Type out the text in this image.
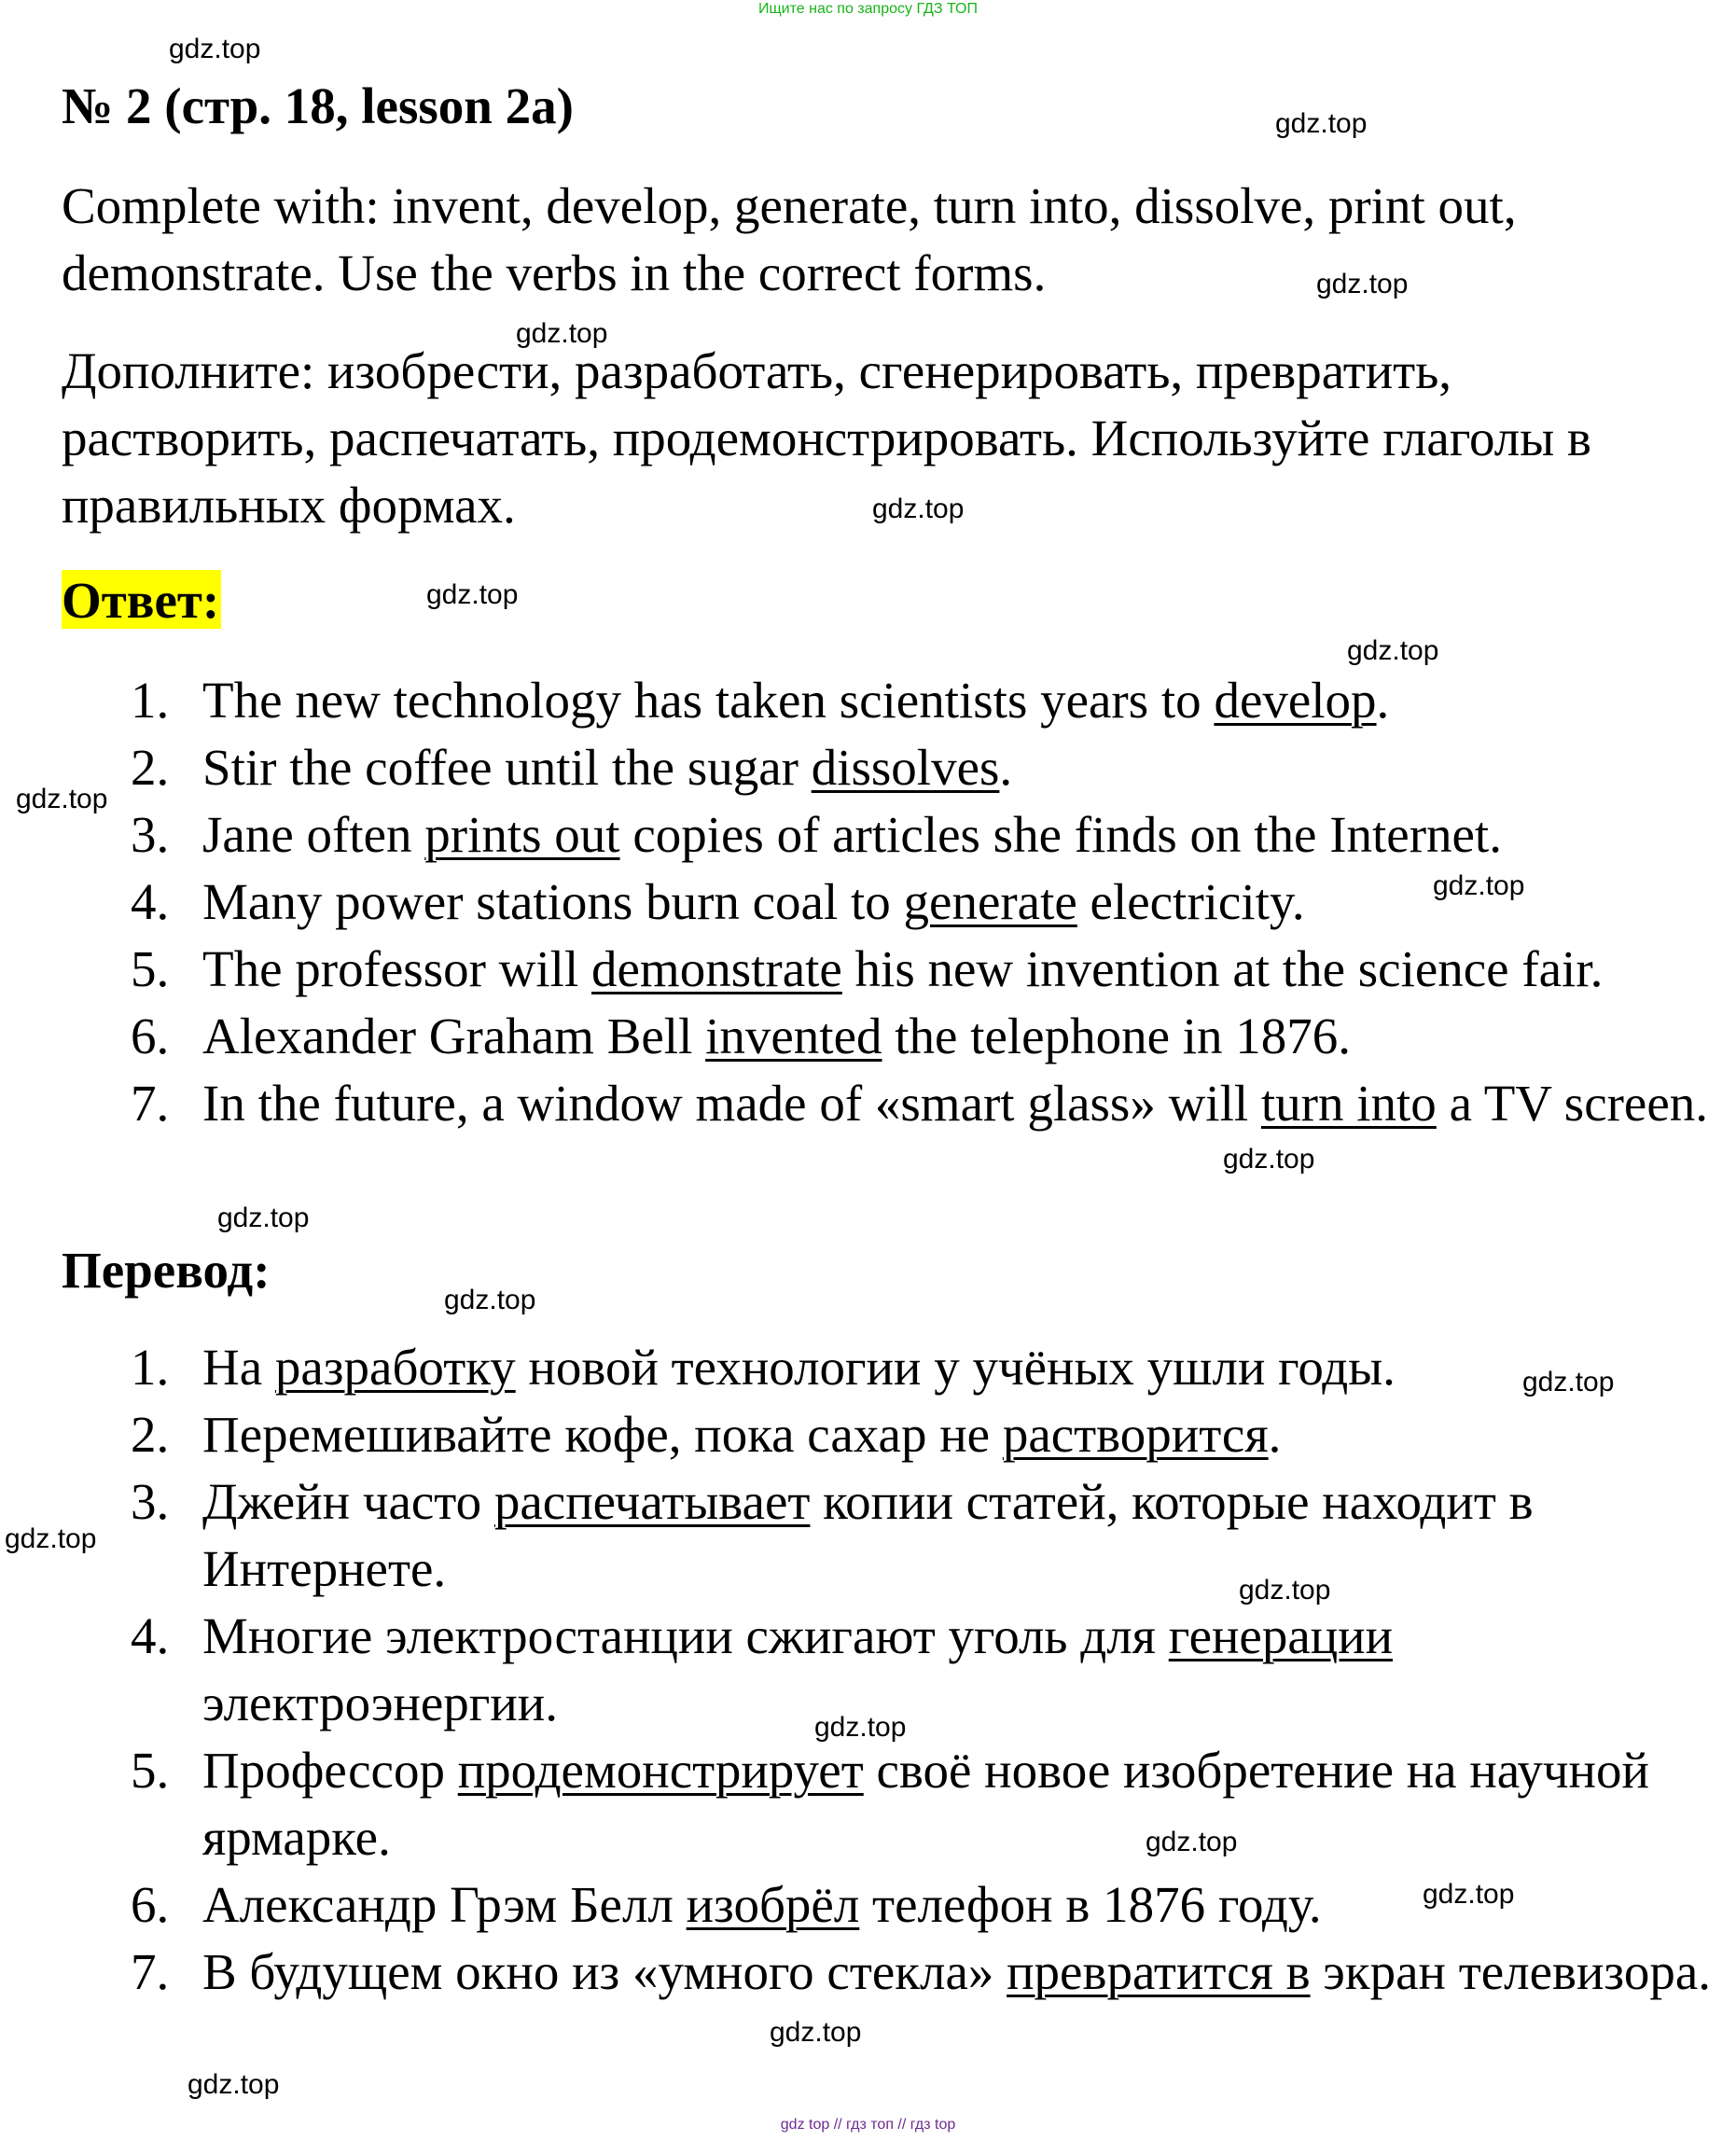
Ищите нас по запросу ГДЗ ТОП
№ 2 (стр. 18, lesson 2a)

Complete with: invent, develop, generate, turn into, dissolve, print out, demonstrate. Use the verbs in the correct forms.

Дополните: изобрести, разработать, сгенерировать, превратить, растворить, распечатать, продемонстрировать. Используйте глаголы в правильных формах.

Ответ:
1. The new technology has taken scientists years to develop.
2. Stir the coffee until the sugar dissolves.
3. Jane often prints out copies of articles she finds on the Internet.
4. Many power stations burn coal to generate electricity.
5. The professor will demonstrate his new invention at the science fair.
6. Alexander Graham Bell invented the telephone in 1876.
7. In the future, a window made of «smart glass» will turn into a TV screen.
Перевод:
1. На разработку новой технологии у учёных ушли годы.
2. Перемешивайте кофе, пока сахар не растворится.
3. Джейн часто распечатывает копии статей, которые находит в Интернете.
4. Многие электростанции сжигают уголь для генерации электроэнергии.
5. Профессор продемонстрирует своё новое изобретение на научной ярмарке.
6. Александр Грэм Белл изобрёл телефон в 1876 году.
7. В будущем окно из «умного стекла» превратится в экран телевизора.
gdz.top
gdz.top
gdz.top
gdz.top
gdz.top
gdz.top
gdz.top
gdz.top
gdz.top
gdz.top
gdz.top
gdz.top
gdz.top
gdz.top
gdz.top
gdz.top
gdz.top
gdz.top
gdz.top
gdz.top
gdz top // гдз топ // гдз top
